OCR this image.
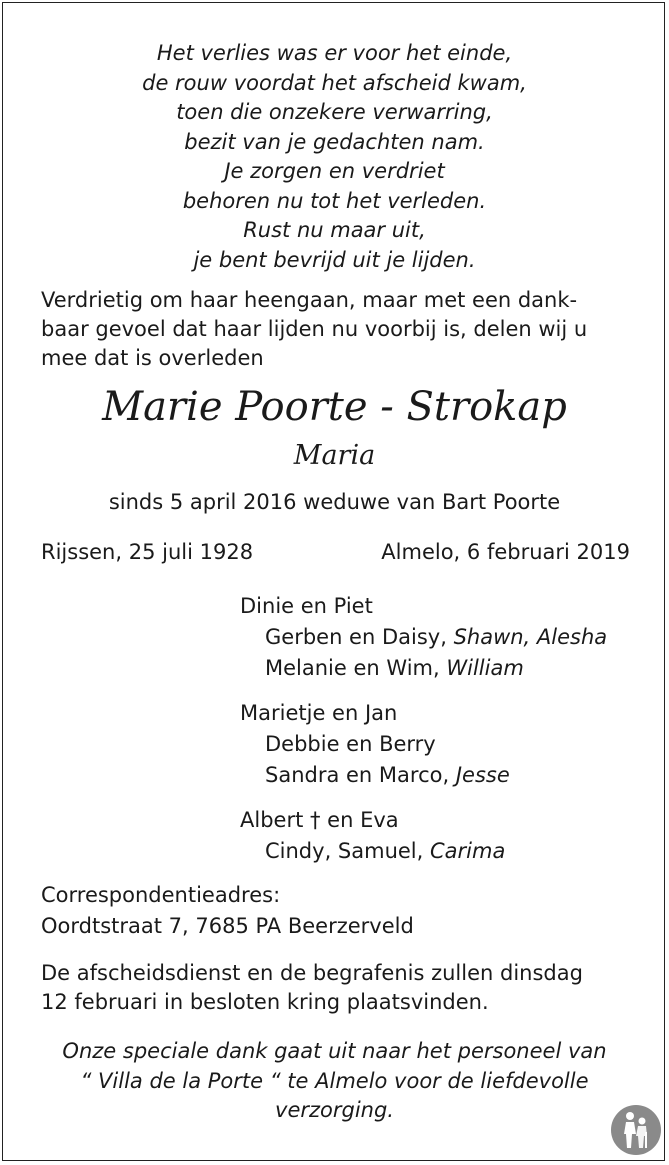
Het verlies was er voor het einde,
de rouw voordat het afscheid kwam,
toen die onzekere verwarring,
bezit van je gedachten nam.
Je zorgen en verdriet
behoren nu tot het verleden.
Rust nu maar uit,
je bent bevrijd uit je lijden.
Verdrietig om haar heengaan, maar met een dank-
baar gevoel dat haar lijden nu voorbij is, delen wij u
mee dat is overleden
Marie Poorte - Strokap
Maria
sinds 5 april 2016 weduwe van Bart Poorte
Rijssen, 25 juli 1928	Almelo, 6 februari 2019
Dinie en Piet
Gerben en Daisy, Shawn, Alesha
Melanie en Wim, William
Marietje en Jan
Debbie en Berry
Sandra en Marco, Jesse
Albert † en Eva
Cindy, Samuel, Carima
Correspondentieadres:
Oordtstraat 7, 7685 PA Beerzerveld
De afscheidsdienst en de begrafenis zullen dinsdag
12 februari in besloten kring plaatsvinden.
Onze speciale dank gaat uit naar het personeel van
“ Villa de la Porte “ te Almelo voor de liefdevolle
verzorging.
